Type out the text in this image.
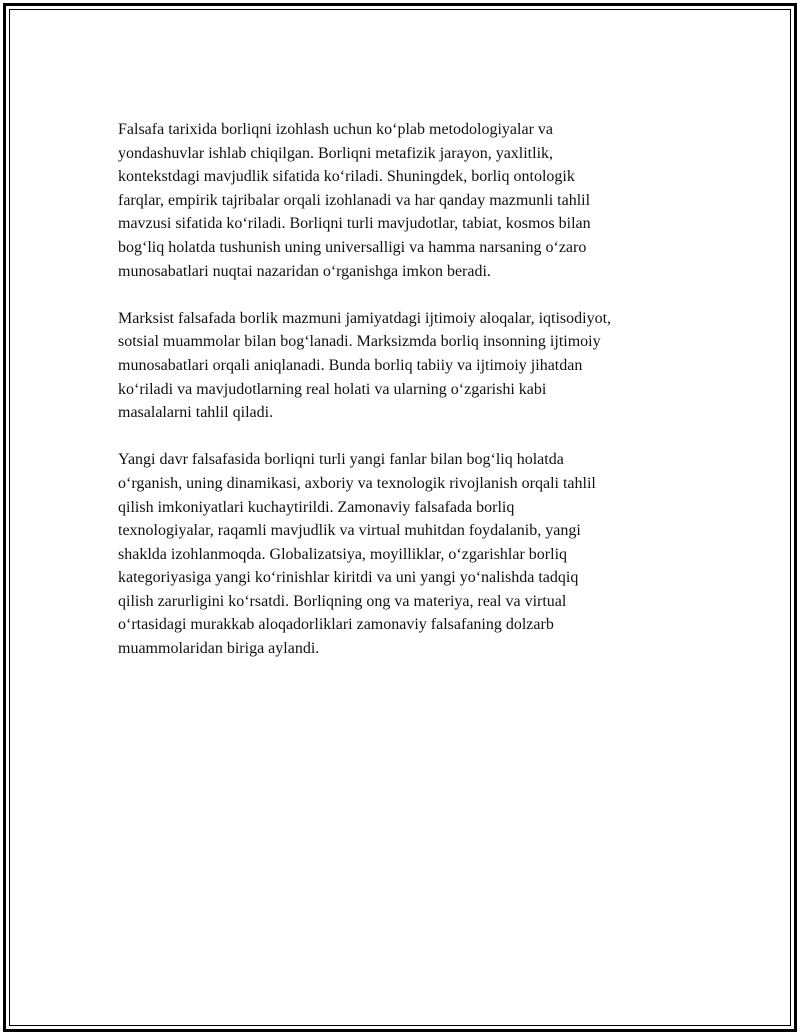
Falsafa tarixida borliqni izohlash uchun koʻplab metodologiyalar va
yondashuvlar ishlab chiqilgan. Borliqni metafizik jarayon, yaxlitlik,
kontekstdagi mavjudlik sifatida koʻriladi. Shuningdek, borliq ontologik
farqlar, empirik tajribalar orqali izohlanadi va har qanday mazmunli tahlil
mavzusi sifatida koʻriladi. Borliqni turli mavjudotlar, tabiat, kosmos bilan
bogʻliq holatda tushunish uning universalligi va hamma narsaning oʻzaro
munosabatlari nuqtai nazaridan oʻrganishga imkon beradi.

Marksist falsafada borlik mazmuni jamiyatdagi ijtimoiy aloqalar, iqtisodiyot,
sotsial muammolar bilan bogʻlanadi. Marksizmda borliq insonning ijtimoiy
munosabatlari orqali aniqlanadi. Bunda borliq tabiiy va ijtimoiy jihatdan
koʻriladi va mavjudotlarning real holati va ularning oʻzgarishi kabi
masalalarni tahlil qiladi.

Yangi davr falsafasida borliqni turli yangi fanlar bilan bogʻliq holatda
oʻrganish, uning dinamikasi, axboriy va texnologik rivojlanish orqali tahlil
qilish imkoniyatlari kuchaytirildi. Zamonaviy falsafada borliq
texnologiyalar, raqamli mavjudlik va virtual muhitdan foydalanib, yangi
shaklda izohlanmoqda. Globalizatsiya, moyilliklar, oʻzgarishlar borliq
kategoriyasiga yangi koʻrinishlar kiritdi va uni yangi yoʻnalishda tadqiq
qilish zarurligini koʻrsatdi. Borliqning ong va materiya, real va virtual
oʻrtasidagi murakkab aloqadorliklari zamonaviy falsafaning dolzarb
muammolaridan biriga aylandi.
